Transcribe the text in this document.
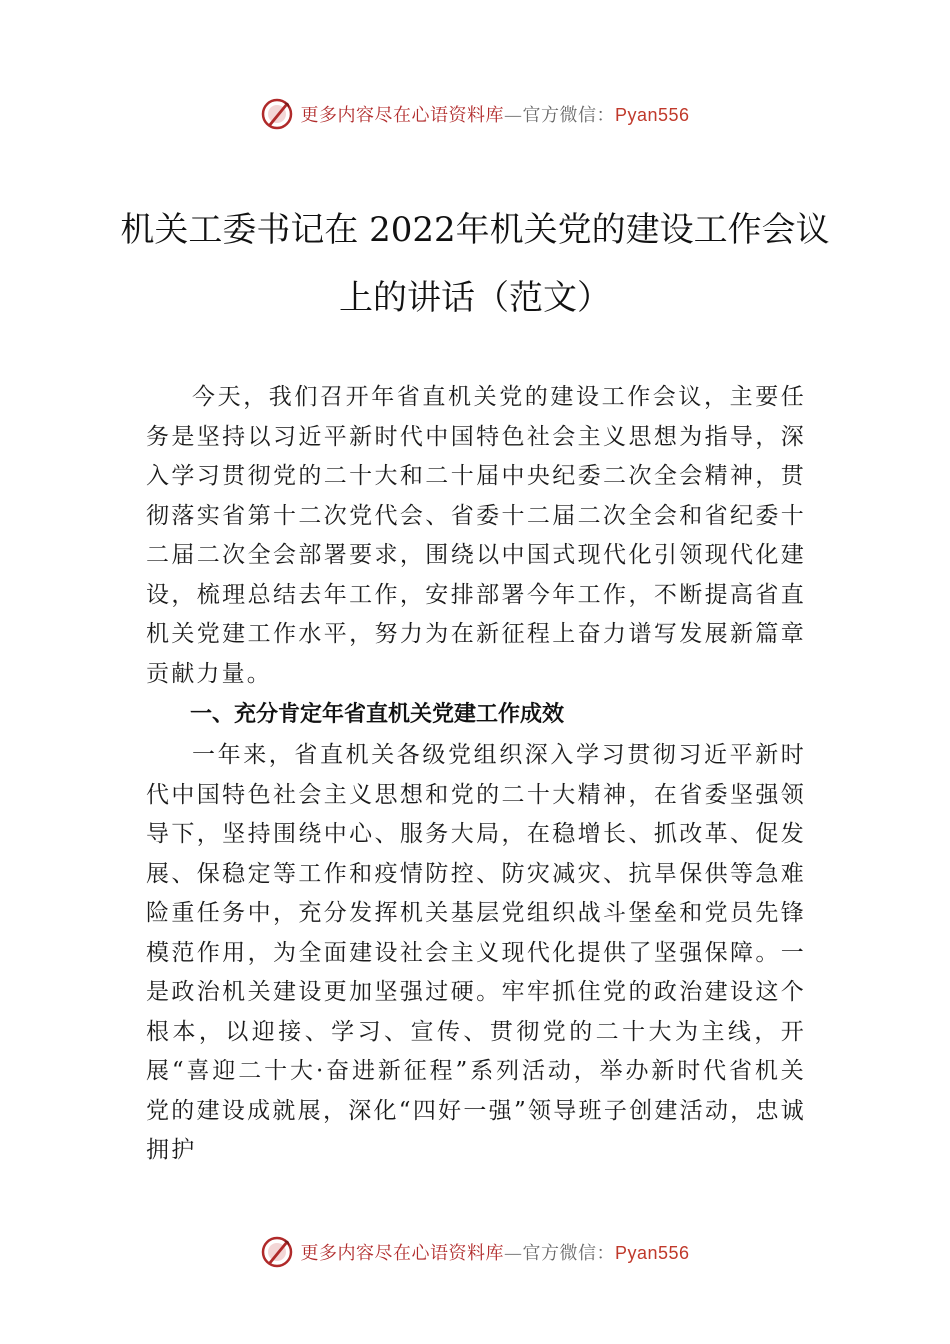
更多内容尽在心语资料库—官方微信：Pyan556
机关工委书记在 2022年机关党的建设工作会议上的讲话（范文）

今天，我们召开年省直机关党的建设工作会议，主要任务是坚持以习近平新时代中国特色社会主义思想为指导，深入学习贯彻党的二十大和二十届中央纪委二次全会精神，贯彻落实省第十二次党代会、省委十二届二次全会和省纪委十二届二次全会部署要求，围绕以中国式现代化引领现代化建设，梳理总结去年工作，安排部署今年工作，不断提高省直机关党建工作水平，努力为在新征程上奋力谱写发展新篇章贡献力量。

一、充分肯定年省直机关党建工作成效

一年来，省直机关各级党组织深入学习贯彻习近平新时代中国特色社会主义思想和党的二十大精神，在省委坚强领导下，坚持围绕中心、服务大局，在稳增长、抓改革、促发展、保稳定等工作和疫情防控、防灾减灾、抗旱保供等急难险重任务中，充分发挥机关基层党组织战斗堡垒和党员先锋模范作用，为全面建设社会主义现代化提供了坚强保障。一是政治机关建设更加坚强过硬。牢牢抓住党的政治建设这个根本，以迎接、学习、宣传、贯彻党的二十大为主线，开展“喜迎二十大·奋进新征程”系列活动，举办新时代省机关党的建设成就展，深化“四好一强”领导班子创建活动，忠诚拥护

更多内容尽在心语资料库—官方微信：Pyan556
